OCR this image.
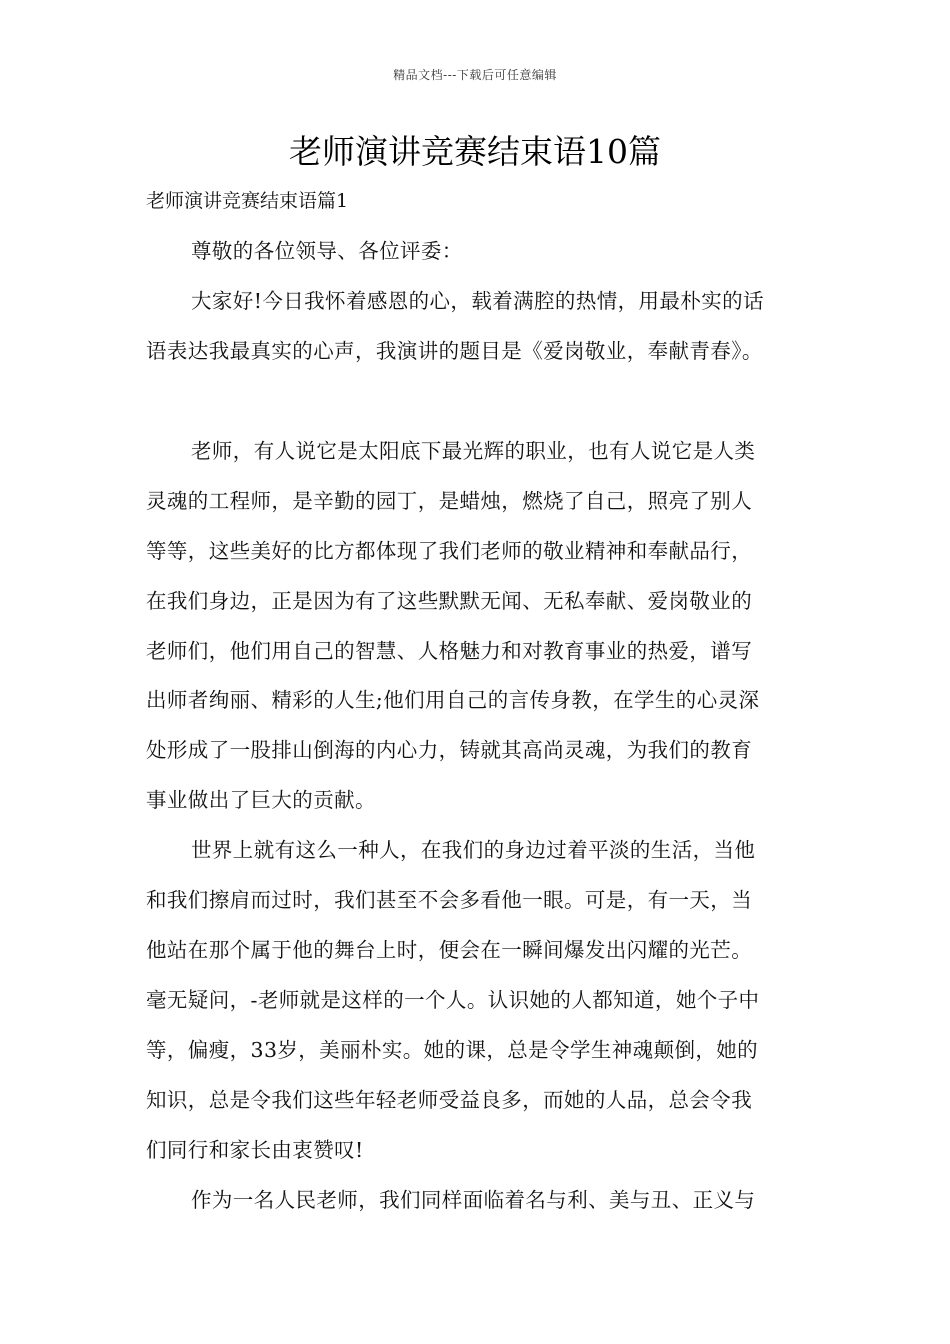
精品文档---下载后可任意编辑
老师演讲竞赛结束语10篇
老师演讲竞赛结束语篇1
尊敬的各位领导、各位评委：
大家好!今日我怀着感恩的心，载着满腔的热情，用最朴实的话
语表达我最真实的心声，我演讲的题目是《爱岗敬业，奉献青春》。
老师，有人说它是太阳底下最光辉的职业，也有人说它是人类
灵魂的工程师，是辛勤的园丁，是蜡烛，燃烧了自己，照亮了别人
等等，这些美好的比方都体现了我们老师的敬业精神和奉献品行，
在我们身边，正是因为有了这些默默无闻、无私奉献、爱岗敬业的
老师们，他们用自己的智慧、人格魅力和对教育事业的热爱，谱写
出师者绚丽、精彩的人生;他们用自己的言传身教，在学生的心灵深
处形成了一股排山倒海的内心力，铸就其高尚灵魂，为我们的教育
事业做出了巨大的贡献。
世界上就有这么一种人，在我们的身边过着平淡的生活，当他
和我们擦肩而过时，我们甚至不会多看他一眼。可是，有一天，当
他站在那个属于他的舞台上时，便会在一瞬间爆发出闪耀的光芒。
毫无疑问，-老师就是这样的一个人。认识她的人都知道，她个子中
等，偏瘦，33岁，美丽朴实。她的课，总是令学生神魂颠倒，她的
知识，总是令我们这些年轻老师受益良多，而她的人品，总会令我
们同行和家长由衷赞叹!
作为一名人民老师，我们同样面临着名与利、美与丑、正义与
